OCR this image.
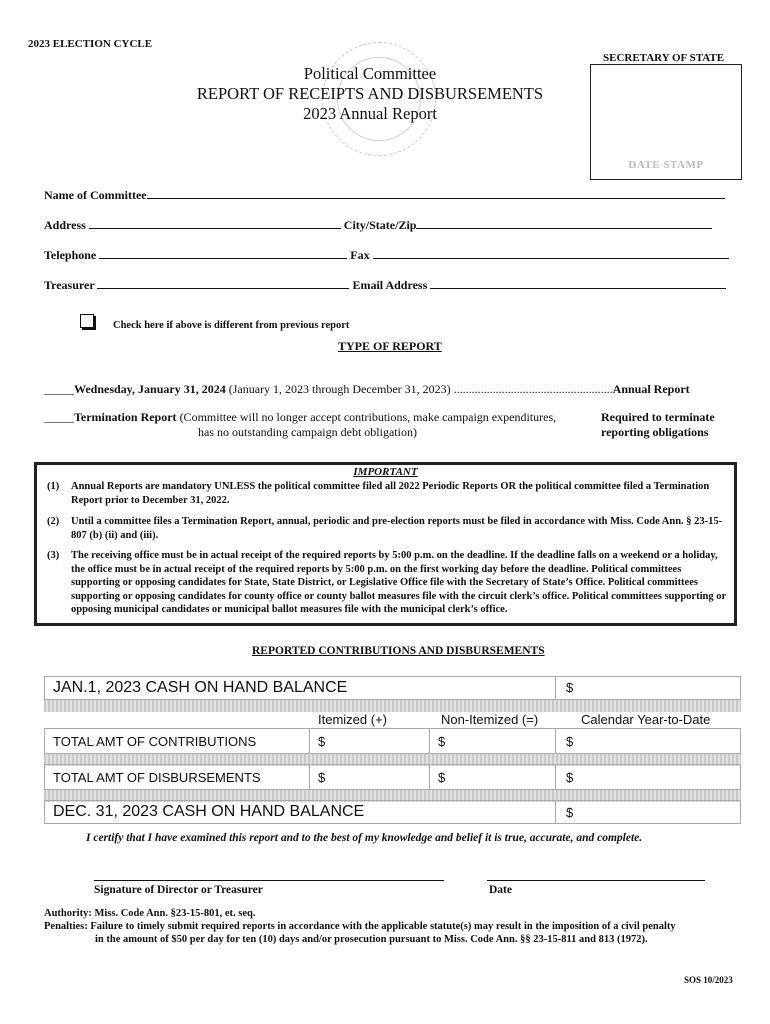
2023 ELECTION CYCLE
Political Committee
REPORT OF RECEIPTS AND DISBURSEMENTS
2023 Annual Report
SECRETARY OF STATE
DATE STAMP
Name of Committee
Address	City/State/Zip
Telephone	Fax
Treasurer	Email Address
Check here if above is different from previous report
TYPE OF REPORT
_____Wednesday, January 31, 2024 (January 1, 2023 through December 31, 2023) .....................................................Annual Report
_____Termination Report (Committee will no longer accept contributions, make campaign expenditures,
has no outstanding campaign debt obligation)
Required to terminate
reporting obligations
IMPORTANT
(1) Annual Reports are mandatory UNLESS the political committee filed all 2022 Periodic Reports OR the political committee filed a Termination Report prior to December 31, 2022.
(2) Until a committee files a Termination Report, annual, periodic and pre-election reports must be filed in accordance with Miss. Code Ann. § 23-15-807 (b) (ii) and (iii).
(3) The receiving office must be in actual receipt of the required reports by 5:00 p.m. on the deadline. If the deadline falls on a weekend or a holiday, the office must be in actual receipt of the required reports by 5:00 p.m. on the first working day before the deadline. Political committees supporting or opposing candidates for State, State District, or Legislative Office file with the Secretary of State’s Office. Political committees supporting or opposing candidates for county office or county ballot measures file with the circuit clerk’s office. Political committees supporting or opposing municipal candidates or municipal ballot measures file with the municipal clerk’s office.
REPORTED CONTRIBUTIONS AND DISBURSEMENTS
JAN.1, 2023 CASH ON HAND BALANCE	$
Itemized (+)	Non-Itemized (=)	Calendar Year-to-Date
TOTAL AMT OF CONTRIBUTIONS	$	$	$
TOTAL AMT OF DISBURSEMENTS	$	$	$
DEC. 31, 2023 CASH ON HAND BALANCE	$
I certify that I have examined this report and to the best of my knowledge and belief it is true, accurate, and complete.
Signature of Director or Treasurer	Date
Authority: Miss. Code Ann. §23-15-801, et. seq.
Penalties: Failure to timely submit required reports in accordance with the applicable statute(s) may result in the imposition of a civil penalty
in the amount of $50 per day for ten (10) days and/or prosecution pursuant to Miss. Code Ann. §§ 23-15-811 and 813 (1972).
SOS 10/2023
